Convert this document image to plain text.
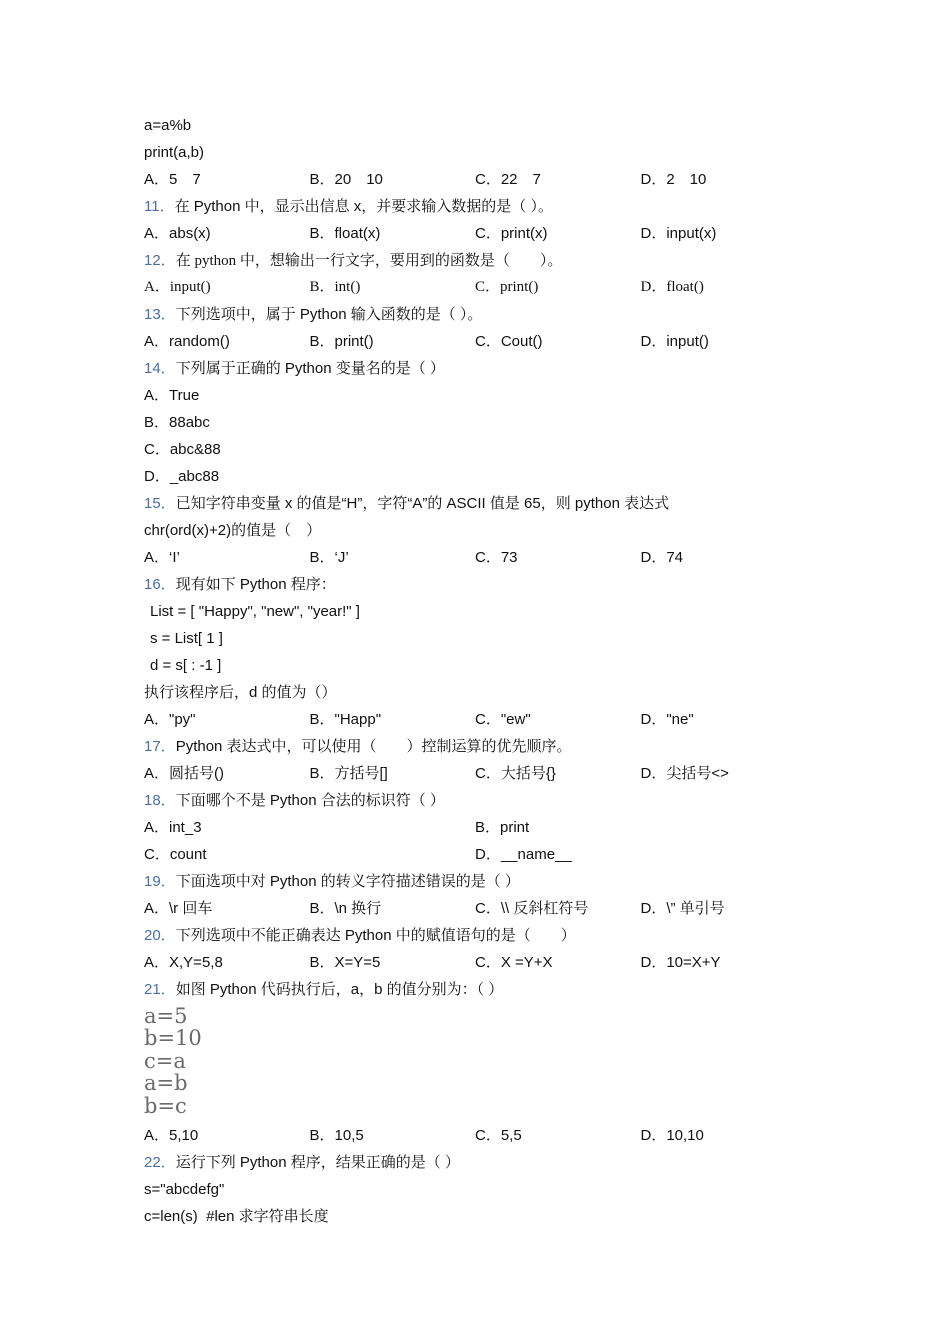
a=a%b
print(a,b)
A．5　7	B．20　10	C．22　7	D．2　10
11．在 Python 中，显示出信息 x，并要求输入数据的是（ ）。
A．abs(x)	B．float(x)	C．print(x)	D．input(x)
12．在 python 中，想输出一行文字，要用到的函数是（　　）。
A．input()	B．int()	C．print()	D．float()
13．下列选项中，属于 Python 输入函数的是（ ）。
A．random()	B．print()	C．Cout()	D．input()
14．下列属于正确的 Python 变量名的是（ ）
A．True
B．88abc
C．abc&88
D．_abc88
15．已知字符串变量 x 的值是“H”，字符“A”的 ASCII 值是 65，则 python 表达式
chr(ord(x)+2)的值是（　）
A．‘I’	B．‘J’	C．73	D．74
16．现有如下 Python 程序：
List = [ "Happy", "new", "year!" ]
s = List[ 1 ]
d = s[ : -1 ]
执行该程序后，d 的值为（）
A．"py"	B．"Happ"	C．"ew"	D．"ne"
17．Python 表达式中，可以使用（　　）控制运算的优先顺序。
A．圆括号()	B．方括号[]	C．大括号{}	D．尖括号<>
18．下面哪个不是 Python 合法的标识符（ ）
A．int_3	B．print
C．count	D．__name__
19．下面选项中对 Python 的转义字符描述错误的是（ ）
A．\r 回车	B．\n 换行	C．\\ 反斜杠符号	D．\” 单引号
20．下列选项中不能正确表达 Python 中的赋值语句的是（　　）
A．X,Y=5,8	B．X=Y=5	C．X =Y+X	D．10=X+Y
21．如图 Python 代码执行后，a，b 的值分别为：（ ）
a=5
b=10
c=a
a=b
b=c
A．5,10	B．10,5	C．5,5	D．10,10
22．运行下列 Python 程序，结果正确的是（ ）
s="abcdefg"
c=len(s)  #len 求字符串长度
